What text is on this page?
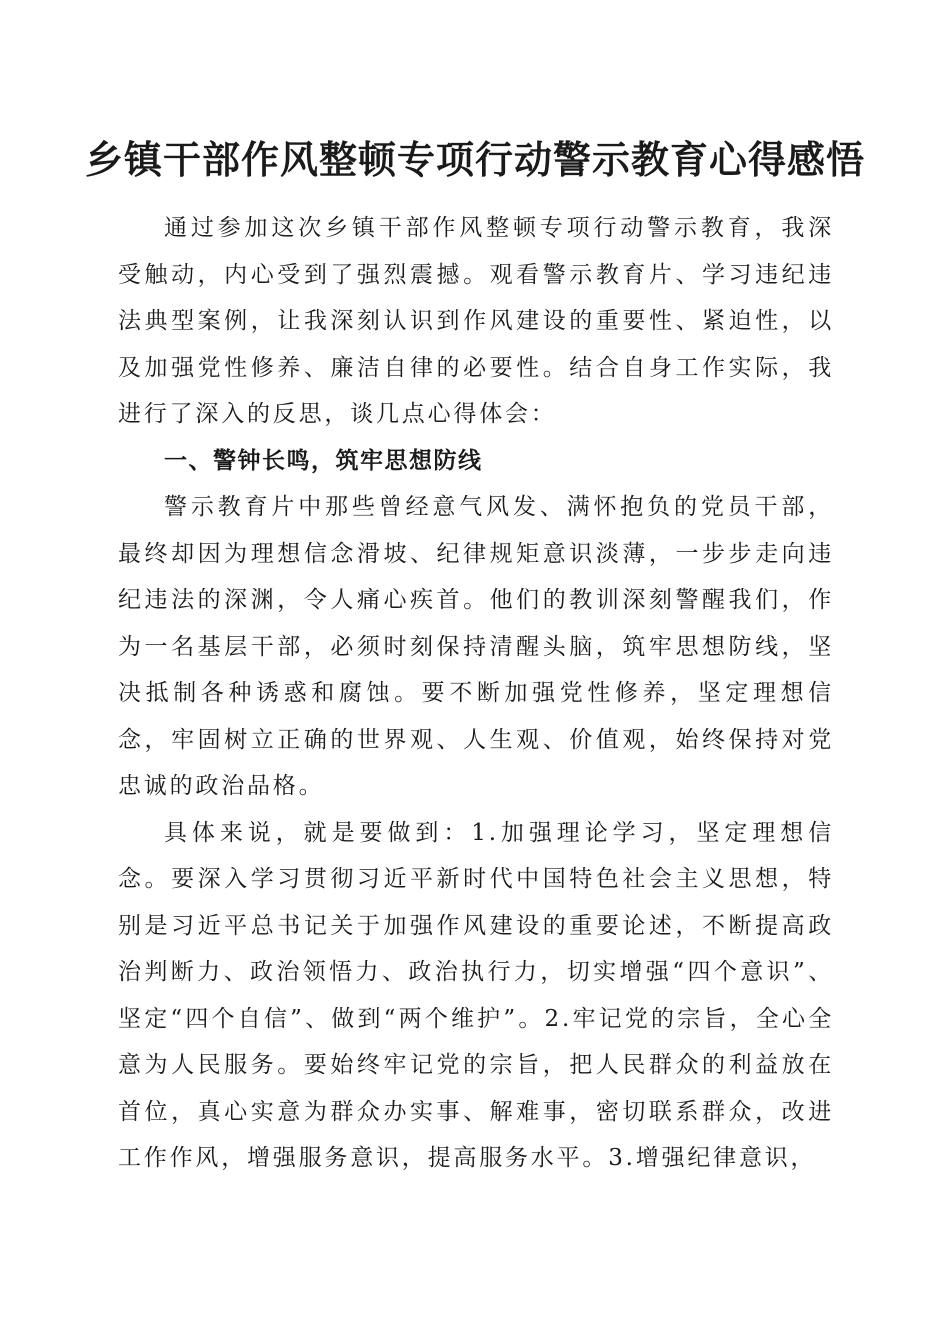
乡镇干部作风整顿专项行动警示教育心得感悟

通过参加这次乡镇干部作风整顿专项行动警示教育，我深受触动，内心受到了强烈震撼。观看警示教育片、学习违纪违法典型案例，让我深刻认识到作风建设的重要性、紧迫性，以及加强党性修养、廉洁自律的必要性。结合自身工作实际，我进行了深入的反思，谈几点心得体会：

一、警钟长鸣，筑牢思想防线

警示教育片中那些曾经意气风发、满怀抱负的党员干部，最终却因为理想信念滑坡、纪律规矩意识淡薄，一步步走向违纪违法的深渊，令人痛心疾首。他们的教训深刻警醒我们，作为一名基层干部，必须时刻保持清醒头脑，筑牢思想防线，坚决抵制各种诱惑和腐蚀。要不断加强党性修养，坚定理想信念，牢固树立正确的世界观、人生观、价值观，始终保持对党忠诚的政治品格。

具体来说，就是要做到：1.加强理论学习，坚定理想信念。要深入学习贯彻习近平新时代中国特色社会主义思想，特别是习近平总书记关于加强作风建设的重要论述，不断提高政治判断力、政治领悟力、政治执行力，切实增强“四个意识”、坚定“四个自信”、做到“两个维护”。2.牢记党的宗旨，全心全意为人民服务。要始终牢记党的宗旨，把人民群众的利益放在首位，真心实意为群众办实事、解难事，密切联系群众，改进工作作风，增强服务意识，提高服务水平。3.增强纪律意识，
